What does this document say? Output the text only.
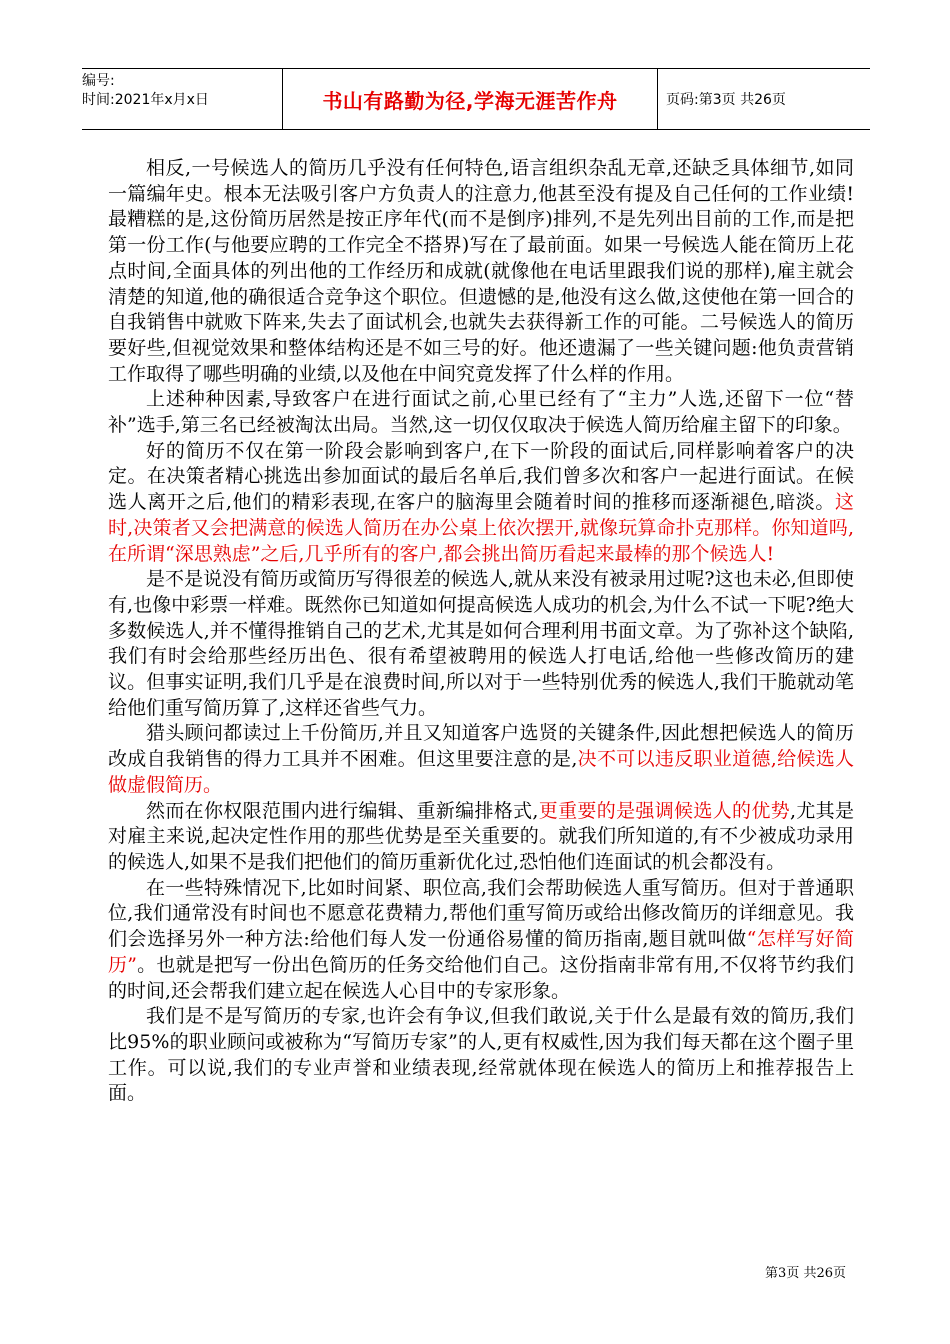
编号:
时间:2021年x月x日	书山有路勤为径,学海无涯苦作舟	页码:第3页 共26页

相反,一号候选人的简历几乎没有任何特色,语言组织杂乱无章,还缺乏具体细节,如同一篇编年史。根本无法吸引客户方负责人的注意力,他甚至没有提及自己任何的工作业绩!最糟糕的是,这份简历居然是按正序年代(而不是倒序)排列,不是先列出目前的工作,而是把第一份工作(与他要应聘的工作完全不搭界)写在了最前面。如果一号候选人能在简历上花点时间,全面具体的列出他的工作经历和成就(就像他在电话里跟我们说的那样),雇主就会清楚的知道,他的确很适合竞争这个职位。但遗憾的是,他没有这么做,这使他在第一回合的自我销售中就败下阵来,失去了面试机会,也就失去获得新工作的可能。二号候选人的简历要好些,但视觉效果和整体结构还是不如三号的好。他还遗漏了一些关键问题:他负责营销工作取得了哪些明确的业绩,以及他在中间究竟发挥了什么样的作用。

上述种种因素,导致客户在进行面试之前,心里已经有了“主力”人选,还留下一位“替补”选手,第三名已经被淘汰出局。当然,这一切仅仅取决于候选人简历给雇主留下的印象。

好的简历不仅在第一阶段会影响到客户,在下一阶段的面试后,同样影响着客户的决定。在决策者精心挑选出参加面试的最后名单后,我们曾多次和客户一起进行面试。在候选人离开之后,他们的精彩表现,在客户的脑海里会随着时间的推移而逐渐褪色,暗淡。这时,决策者又会把满意的候选人简历在办公桌上依次摆开,就像玩算命扑克那样。你知道吗,在所谓“深思熟虑”之后,几乎所有的客户,都会挑出简历看起来最棒的那个候选人!

是不是说没有简历或简历写得很差的候选人,就从来没有被录用过呢?这也未必,但即使有,也像中彩票一样难。既然你已知道如何提高候选人成功的机会,为什么不试一下呢?绝大多数候选人,并不懂得推销自己的艺术,尤其是如何合理利用书面文章。为了弥补这个缺陷,我们有时会给那些经历出色、很有希望被聘用的候选人打电话,给他一些修改简历的建议。但事实证明,我们几乎是在浪费时间,所以对于一些特别优秀的候选人,我们干脆就动笔给他们重写简历算了,这样还省些气力。

猎头顾问都读过上千份简历,并且又知道客户选贤的关键条件,因此想把候选人的简历改成自我销售的得力工具并不困难。但这里要注意的是,决不可以违反职业道德,给候选人做虚假简历。

然而在你权限范围内进行编辑、重新编排格式,更重要的是强调候选人的优势,尤其是对雇主来说,起决定性作用的那些优势是至关重要的。就我们所知道的,有不少被成功录用的候选人,如果不是我们把他们的简历重新优化过,恐怕他们连面试的机会都没有。

在一些特殊情况下,比如时间紧、职位高,我们会帮助候选人重写简历。但对于普通职位,我们通常没有时间也不愿意花费精力,帮他们重写简历或给出修改简历的详细意见。我们会选择另外一种方法:给他们每人发一份通俗易懂的简历指南,题目就叫做“怎样写好简历”。也就是把写一份出色简历的任务交给他们自己。这份指南非常有用,不仅将节约我们的时间,还会帮我们建立起在候选人心目中的专家形象。

我们是不是写简历的专家,也许会有争议,但我们敢说,关于什么是最有效的简历,我们比95%的职业顾问或被称为“写简历专家”的人,更有权威性,因为我们每天都在这个圈子里工作。可以说,我们的专业声誉和业绩表现,经常就体现在候选人的简历上和推荐报告上面。

第3页 共26页
